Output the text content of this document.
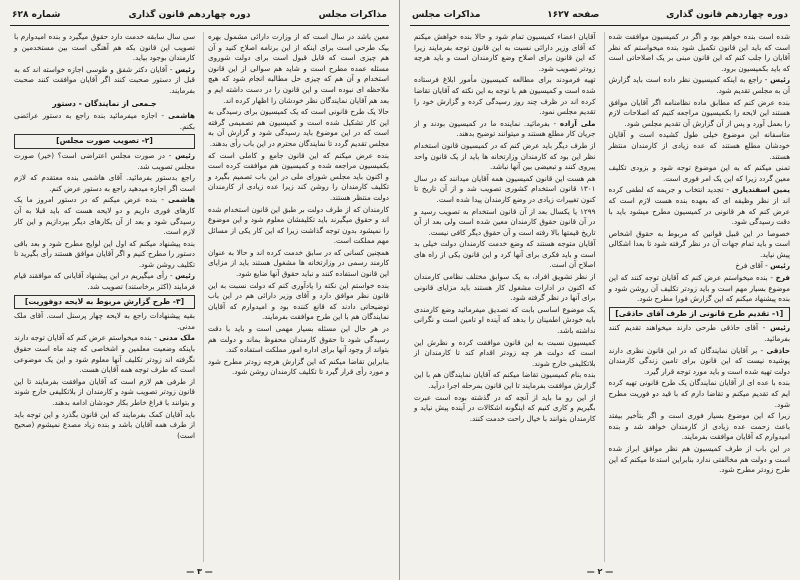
مذاکرات مجلس
دوره چهاردهم قانون گذاری
شماره ۶۲۸

معین باشد در سال است که از وزارت دارائی مشمول بهره بیک طرحی است برای اینکه از این برنامه اصلاح کنید و آن هم چیزی است که قابل قبول است برای دولت شوروی مسئله عمده مطرح است و شاید هم سوالی از این قانون استخدام و آن هم که چیزی حل مطالبه انجام شود که هیچ ملاحظه ای نبوده است و این قانون را در دست داشته ایم و بعد هم آقایان نمایندگان نظر خودشان را اظهار کرده اند.

حالا یک طرح قانونی است که یک کمیسیون برای رسیدگی به این کار تشکیل شده است و کمیسیون هم تصمیمی گرفته است که در این موضوع باید رسیدگی شود و گزارش آن به مجلس تقدیم گردد تا نمایندگان محترم در این باب رأی بدهند.

بنده عرض میکنم که این قانون جامع و کاملی است که بکمیسیون مراجعه شده و کمیسیون هم موافقت کرده است و اکنون باید مجلس شورای ملی در این باب تصمیم بگیرد و تکلیف کارمندان را روشن کند زیرا عده زیادی از کارمندان دولت منتظر هستند.

کارمندان که از طرف دولت بر طبق این قانون استخدام شده اند و حقوق میگیرند باید تکلیفشان معلوم شود و این موضوع را نمیشود بدون توجه گذاشت زیرا که این کار یکی از مسائل مهم مملکت است.

همچنین کسانی که در سابق خدمت کرده اند و حالا به عنوان کارمند رسمی در وزارتخانه ها مشغول هستند باید از مزایای این قانون استفاده کنند و نباید حقوق آنها ضایع شود.

بنده خواستم این نکته را یادآوری کنم که دولت نسبت به این قانون نظر موافق دارد و آقای وزیر دارائی هم در این باب توضیحاتی دادند که قانع کننده بود و امیدوارم که آقایان نمایندگان هم با این طرح موافقت بفرمایند.

در هر حال این مسئله بسیار مهمی است و باید با دقت رسیدگی شود تا حقوق کارمندان محفوظ بماند و دولت هم بتواند از وجود آنها برای اداره امور مملکت استفاده کند.

بنابراین تقاضا میکنم که این گزارش هرچه زودتر مطرح شود و مورد رأی قرار گیرد تا تکلیف کارمندان روشن شود.

سی سال سابقه خدمت دارد حقوق میگیرد و بنده امیدوارم با تصویب این قانون بکه هم آهنگی است بین مستخدمین و کارمندان بوجود بیاید.

رئیس - آقایان دکتر شفق و طوسی اجازه خواسته اند که به قبل از دستور صحبت کنند اگر آقایان موافقت کنند صحبت بفرمایند.

جـمعی از نمایندگان - دستور

هاشمی - اجازه میفرمائید بنده راجع به دستور عرائضی بکنم.

[۲- تصویب صورت مجلس]

رئیس - در صورت مجلس اعتراضی است؟ (خیر) صورت مجلس تصویب شد.

راجع بدستور بفرمائید. آقای هاشمی بنده معتقدم که لازم است اگر اجازه میدهید راجع به دستور عرض کنم.

هاشمی - بنده عرض میکنم که در دستور امروز ما یک کارهای فوری داریم و دو لایحه هست که باید قبلا به آن رسیدگی شود و بعد از آن بکارهای دیگر بپردازیم و این کار لازم است.

بنده پیشنهاد میکنم که اول این لوایح مطرح شود و بعد باقی دستور را مطرح کنیم و اگر آقایان موافق هستند رأی بگیرید تا تکلیف روشن شود.

رئیس - رأی میگیریم در این پیشنهاد آقایانی که موافقند قیام فرمایند (اکثر برخاستند) تصویب شد.

[۳- طرح گزارش مربوط به لایحه دوفوریت]

بقیه پیشنهادات راجع به لایحه چهار پرسنل است. آقای ملک مدنی.

ملک مدنی - بنده میخواستم عرض کنم که آقایان توجه دارند باینکه وضعیت معلمین و اشخاصی که چند ماه است حقوق نگرفته اند زودتر تکلیف آنها معلوم شود و این یک موضوعی است که طرف توجه همه آقایان هست.

از طرفی هم لازم است که آقایان موافقت بفرمایند تا این قانون زودتر تصویب شود و کارمندان از بلاتکلیفی خارج شوند و بتوانند با فراغ خاطر بکار خودشان ادامه بدهند.

باید آقایان کمک بفرمایند که این قانون بگذرد و این توجه باید از طرف همه آقایان باشد و بنده زیاد مصدع نمیشوم (صحیح است)

— ۳ —
دوره چهاردهم قانون گذاری
صفحه ۱۶۲۷
مذاکرات مجلس

شده است بنده خواهم بود و اگر در کمیسیون موافقت شده است که باید این قانون تکمیل شود بنده میخواستم که نظر آقایان را جلب کنم که این قانون مبنی بر یک اصلاحاتی است که باید بکمیسیون برود.

رئیس - راجع به اینکه کمیسیون نظر داده است باید گزارش آن به مجلس تقدیم شود.

بنده عرض کنم که مطابق ماده نظامنامه اگر آقایان موافق هستند این لایحه را بکمیسیون مراجعه کنیم که اصلاحات لازم را بعمل آورد و پس از آن گزارش آن تقدیم مجلس شود.

متاسفانه این موضوع خیلی طول کشیده است و آقایان خودشان مطلع هستند که عده زیادی از کارمندان منتظر هستند.

تمنی میکنم که به این موضوع توجه شود و بزودی تکلیف معین گردد زیرا که این یک امر فوری است.

یمین اسفندیاری - تجدید انتخاب و جریمه که لطفی کرده اند از نظر وظیفه ای که بعهده بنده هست لازم است که عرض کنم که هر قانونی در کمیسیون مطرح میشود باید با دقت رسیدگی شود.

خصوصا در این قبیل قوانین که مربوط به حقوق اشخاص است و باید تمام جهات آن در نظر گرفته شود تا بعدا اشکالی پیش نیاید.

رئیس - آقای فرخ

فرخ - بنده میخواستم عرض کنم که آقایان توجه کنند که این موضوع بسیار مهم است و باید زودتر تکلیف آن روشن شود و بنده پیشنهاد میکنم که این گزارش فورا مطرح شود.

[۱- تقدیم طرح قانونی از طرف آقای حاذقی]

رئیس - آقای حاذقی طرحی دارند میخواهند تقدیم کنند بفرمائید.

حاذقی - بر آقایان نمایندگان که در این قانون نظری دارند پوشیده نیست که این قانون برای تامین زندگی کارمندان دولت تهیه شده است و باید مورد توجه قرار گیرد.

بنده با عده ای از آقایان نمایندگان یک طرح قانونی تهیه کرده ایم که تقدیم میکنم و تقاضا دارم که با قید دو فوریت مطرح شود.

زیرا که این موضوع بسیار فوری است و اگر بتأخیر بیفتد باعث زحمت عده زیادی از کارمندان خواهد شد و بنده امیدوارم که آقایان موافقت بفرمایند.

در این باب از طرف کمیسیون هم نظر موافق ابراز شده است و دولت هم مخالفتی ندارد بنابراین استدعا میکنم که این طرح زودتر مطرح شود.

آقایان اعضاء کمیسیون تمام شود و حالا بنده خواهش میکنم که آقای وزیر دارائی نسبت به این قانون توجه بفرمایند زیرا که این قانون برای اصلاح وضع کارمندان است و باید هرچه زودتر تصویب شود.

تهیه فرمودند برای مطالعه کمیسیون مأمور ابلاغ فرستاده شده است و کمیسیون هم با توجه به این نکته که آقایان تقاضا کرده اند در ظرف چند روز رسیدگی کرده و گزارش خود را تقدیم مجلس نمود.

ملی آزاده - بفرمائید. نماینده ما در کمیسیون بودند و از جریان کار مطلع هستند و میتوانند توضیح بدهند.

از طرف دیگر باید عرض کنم که در کمیسیون قانون استخدام نظر این بود که کارمندان وزارتخانه ها باید از یک قانون واحد پیروی کنند و تبعیضی بین آنها نباشد.

هم هست این قانون کمیسیون همه آقایان میدانند که در سال ۱۳۰۱ قانون استخدام کشوری تصویب شد و از آن تاریخ تا کنون تغییرات زیادی در وضع کارمندان پیدا شده است.

۱۲۹۹ یا یکسال بعد از آن قانون استخدام به تصویب رسید و در آن قانون حقوق کارمندان معین شده است ولی بعد از آن تاریخ قیمتها بالا رفته است و آن حقوق دیگر کافی نیست.

آقایان متوجه هستند که وضع خدمت کارمندان دولت خیلی بد است و باید فکری برای آنها کرد و این قانون یکی از راه های اصلاح آن است.

از نظر تشویق افراد، به یک سوابق مختلف نظامی کارمندان که اکنون در ادارات مشغول کار هستند باید مزایای قانونی برای آنها در نظر گرفته شود.

یک موضوع اساسی بابت که تصدیق میفرمائید وضع کارمندی بایه خودش اطمینان را بدهد که آینده او تامین است و نگرانی نداشته باشد.

کمیسیون نسبت به این قانون موافقت کرده و نظرش این است که دولت هر چه زودتر اقدام کند تا کارمندان از بلاتکلیفی خارج شوند.

بنده بنام کمیسیون تقاضا میکنم که آقایان نمایندگان هم با این گزارش موافقت بفرمایند تا این قانون بمرحله اجرا درآید.

از این رو ما باید از آنچه که در گذشته بوده است عبرت بگیریم و کاری کنیم که اینگونه اشکالات در آینده پیش نیاید و کارمندان بتوانند با خیال راحت خدمت کنند.

— ۲ —
